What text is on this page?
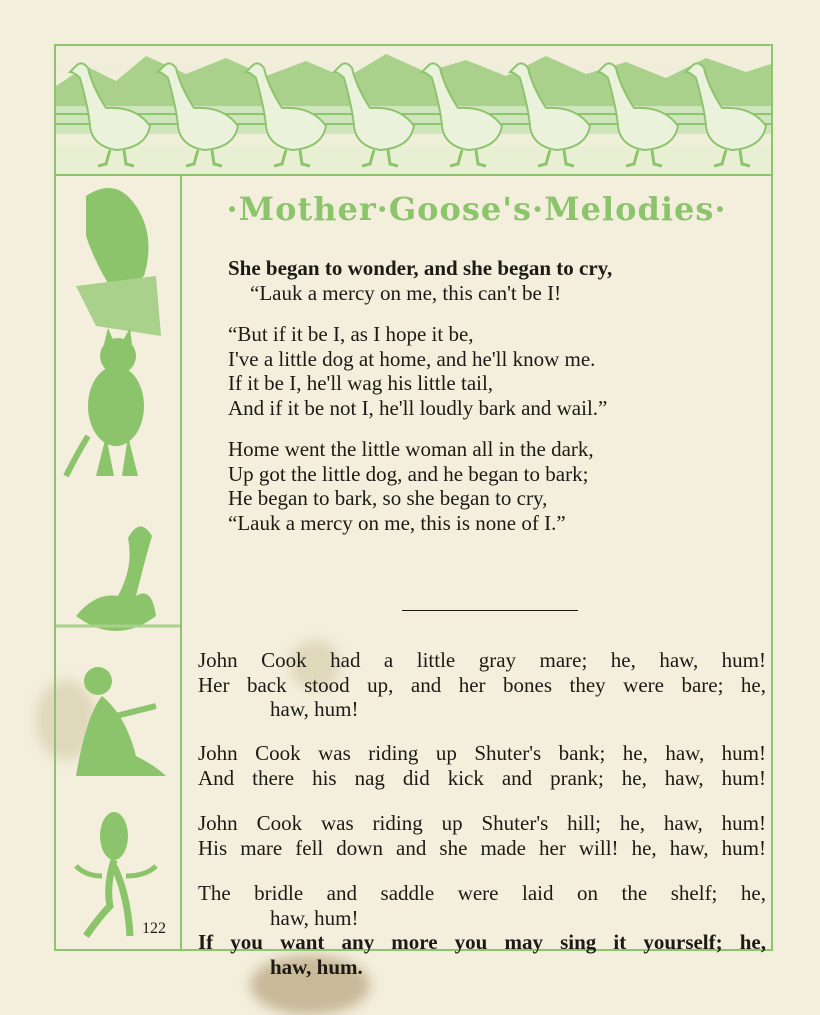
·Mother·Goose's·Melodies·
She began to wonder, and she began to cry,
“Lauk a mercy on me, this can't be I!
“But if it be I, as I hope it be,
I've a little dog at home, and he'll know me.
If it be I, he'll wag his little tail,
And if it be not I, he'll loudly bark and wail.”
Home went the little woman all in the dark,
Up got the little dog, and he began to bark;
He began to bark, so she began to cry,
“Lauk a mercy on me, this is none of I.”
John Cook had a little gray mare; he, haw, hum!
Her back stood up, and her bones they were bare; he,
haw, hum!
John Cook was riding up Shuter's bank; he, haw, hum!
And there his nag did kick and prank; he, haw, hum!
John Cook was riding up Shuter's hill; he, haw, hum!
His mare fell down and she made her will! he, haw, hum!
The bridle and saddle were laid on the shelf; he,
haw, hum!
If you want any more you may sing it yourself; he,
haw, hum.
122
